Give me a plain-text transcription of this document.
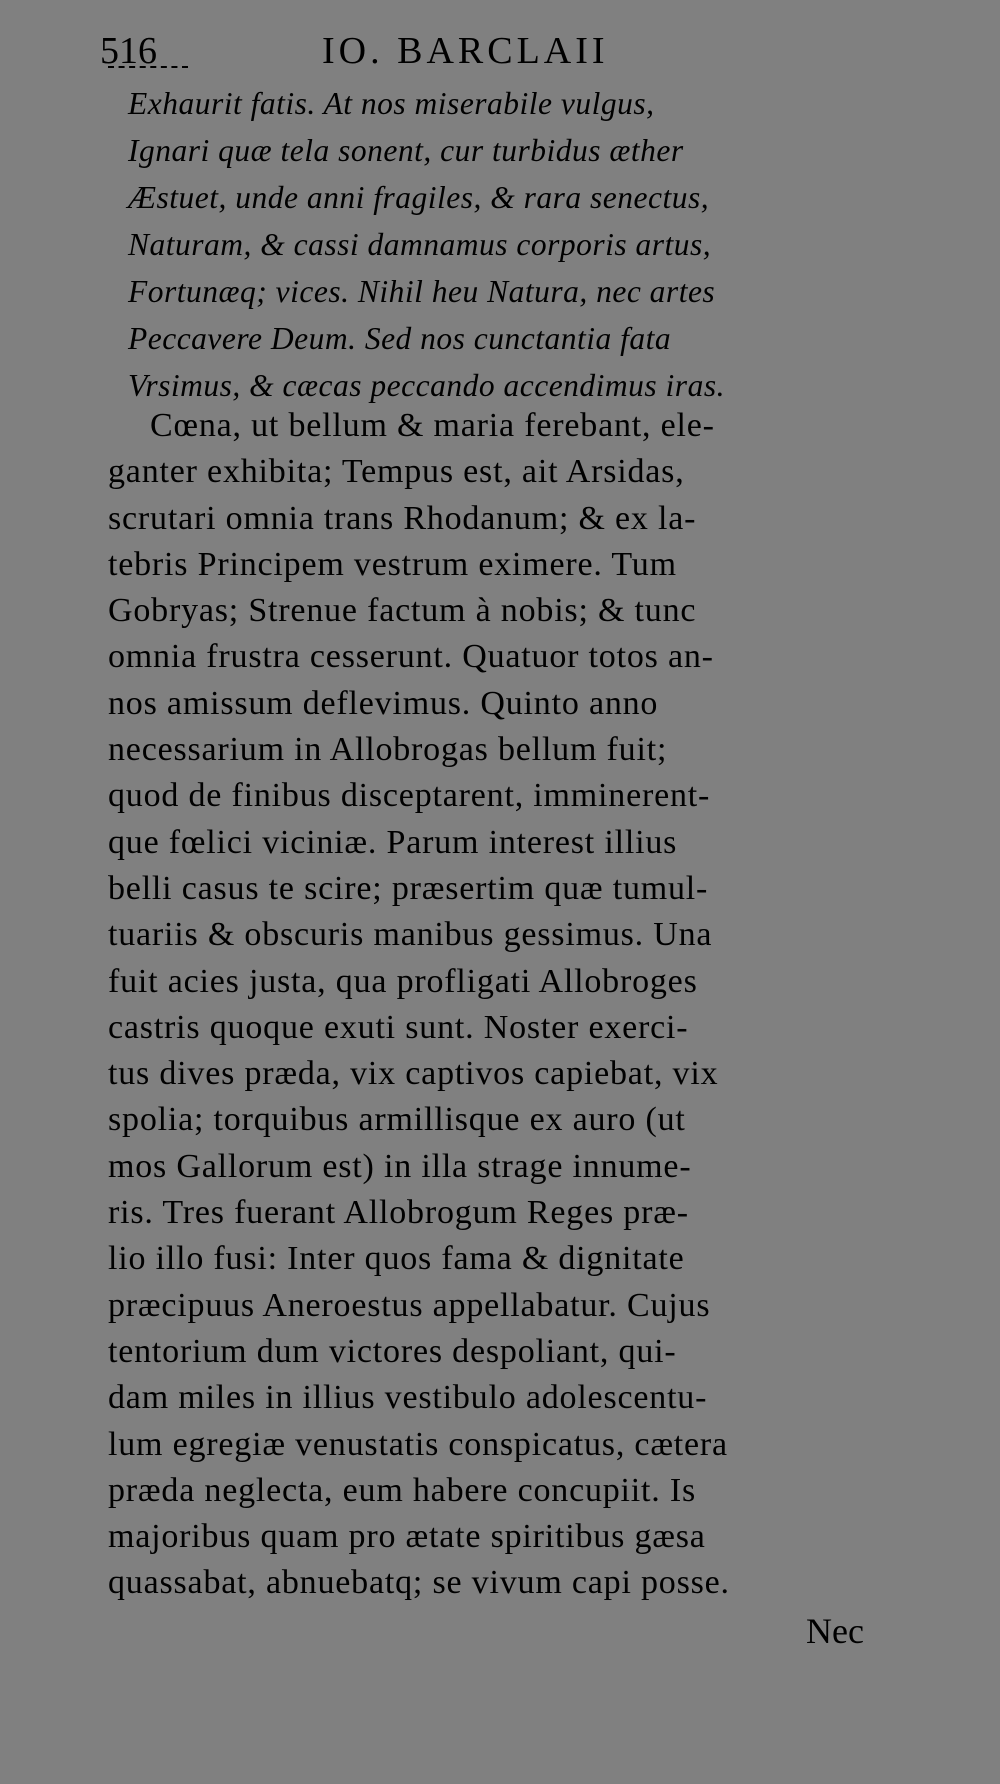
516	IO. BARCLAII
Exhaurit fatis. At nos miserabile vulgus,
Ignari quæ tela sonent, cur turbidus æther
Æstuet, unde anni fragiles, & rara senectus,
Naturam, & cassi damnamus corporis artus,
Fortunæq; vices. Nihil heu Natura, nec artes
Peccavere Deum. Sed nos cunctantia fata
Vrsimus, & cæcas peccando accendimus iras.
Cœna, ut bellum & maria ferebant, ele-
ganter exhibita; Tempus est, ait Arsidas,
scrutari omnia trans Rhodanum; & ex la-
tebris Principem vestrum eximere. Tum
Gobryas; Strenue factum à nobis; & tunc
omnia frustra cesserunt. Quatuor totos an-
nos amissum deflevimus. Quinto anno
necessarium in Allobrogas bellum fuit;
quod de finibus disceptarent, imminerent-
que fœlici viciniæ. Parum interest illius
belli casus te scire; præsertim quæ tumul-
tuariis & obscuris manibus gessimus. Una
fuit acies justa, qua profligati Allobroges
castris quoque exuti sunt. Noster exerci-
tus dives præda, vix captivos capiebat, vix
spolia; torquibus armillisque ex auro (ut
mos Gallorum est) in illa strage innume-
ris. Tres fuerant Allobrogum Reges præ-
lio illo fusi: Inter quos fama & dignitate
præcipuus Aneroestus appellabatur. Cujus
tentorium dum victores despoliant, qui-
dam miles in illius vestibulo adolescentu-
lum egregiæ venustatis conspicatus, cætera
præda neglecta, eum habere concupiit. Is
majoribus quam pro ætate spiritibus gæsa
quassabat, abnuebatq; se vivum capi posse.
Nec
